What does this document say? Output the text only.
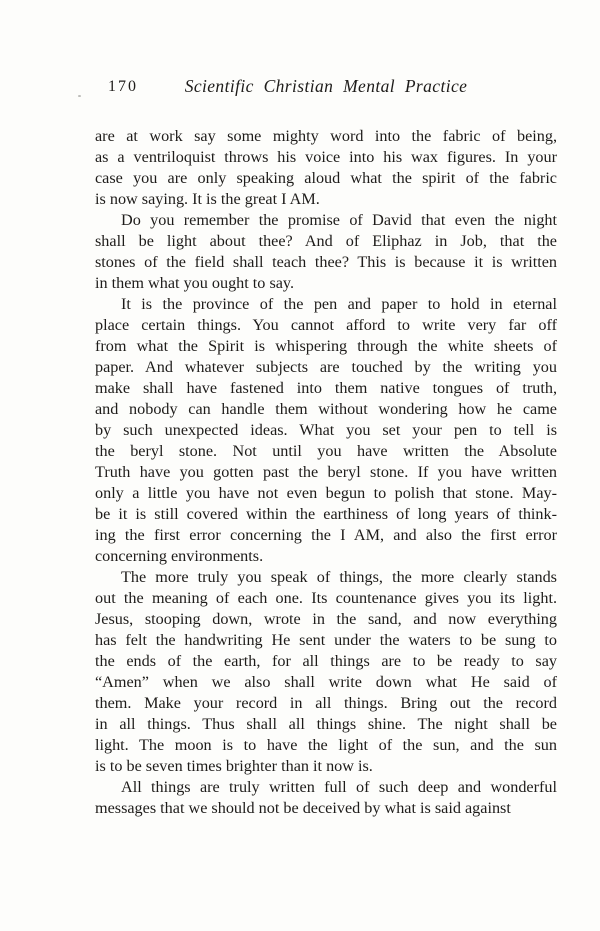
170	Scientific Christian Mental Practice
are at work say some mighty word into the fabric of being,
as a ventriloquist throws his voice into his wax figures. In your
case you are only speaking aloud what the spirit of the fabric
is now saying. It is the great I AM.
Do you remember the promise of David that even the night
shall be light about thee? And of Eliphaz in Job, that the
stones of the field shall teach thee? This is because it is written
in them what you ought to say.
It is the province of the pen and paper to hold in eternal
place certain things. You cannot afford to write very far off
from what the Spirit is whispering through the white sheets of
paper. And whatever subjects are touched by the writing you
make shall have fastened into them native tongues of truth,
and nobody can handle them without wondering how he came
by such unexpected ideas. What you set your pen to tell is
the beryl stone. Not until you have written the Absolute
Truth have you gotten past the beryl stone. If you have written
only a little you have not even begun to polish that stone. May-
be it is still covered within the earthiness of long years of think-
ing the first error concerning the I AM, and also the first error
concerning environments.
The more truly you speak of things, the more clearly stands
out the meaning of each one. Its countenance gives you its light.
Jesus, stooping down, wrote in the sand, and now everything
has felt the handwriting He sent under the waters to be sung to
the ends of the earth, for all things are to be ready to say
“Amen” when we also shall write down what He said of
them. Make your record in all things. Bring out the record
in all things. Thus shall all things shine. The night shall be
light. The moon is to have the light of the sun, and the sun
is to be seven times brighter than it now is.
All things are truly written full of such deep and wonderful
messages that we should not be deceived by what is said against
